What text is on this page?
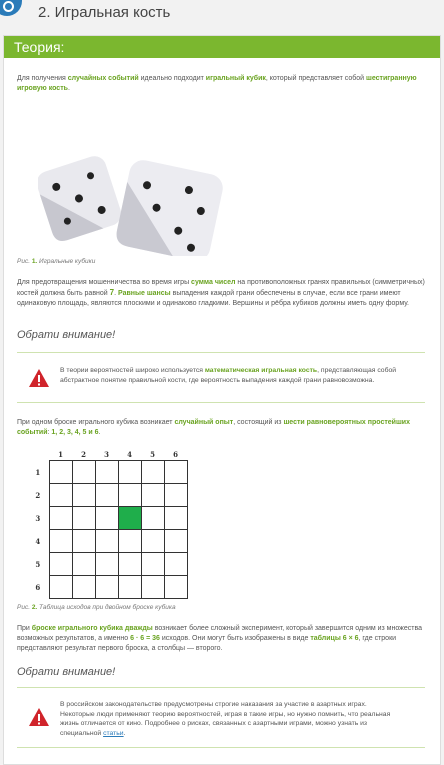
2. Игральная кость
Теория:
Для получения случайных событий идеально подходит игральный кубик, который представляет собой шестигранную игровую кость.
Рис. 1. Игральные кубики
Для предотвращения мошенничества во время игры сумма чисел на противоположных гранях правильных (симметричных) костей должна быть равной 7. Равные шансы выпадения каждой грани обеспечены в случае, если все грани имеют одинаковую площадь, являются плоскими и одинаково гладкими. Вершины и рёбра кубиков должны иметь одну форму.
Обрати внимание!
В теории вероятностей широко используется математическая игральная кость, представляющая собой абстрактное понятие правильной кости, где вероятность выпадения каждой грани равновозможна.
При одном броске игрального кубика возникает случайный опыт, состоящий из шести равновероятных простейших событий: 1, 2, 3, 4, 5 и 6.
	1	2	3	4	5	6
1						
2						
3						
4						
5						
6						
Рис. 2. Таблица исходов при двойном броске кубика
При броске игрального кубика дважды возникает более сложный эксперимент, который завершится одним из множества возможных результатов, а именно 6 · 6 = 36 исходов. Они могут быть изображены в виде таблицы 6 × 6, где строки представляют результат первого броска, а столбцы — второго.
Обрати внимание!
В российском законодательстве предусмотрены строгие наказания за участие в азартных играх. Некоторые люди применяют теорию вероятностей, играя в такие игры, но нужно помнить, что реальная жизнь отличается от кино. Подробнее о рисках, связанных с азартными играми, можно узнать из специальной статьи.
